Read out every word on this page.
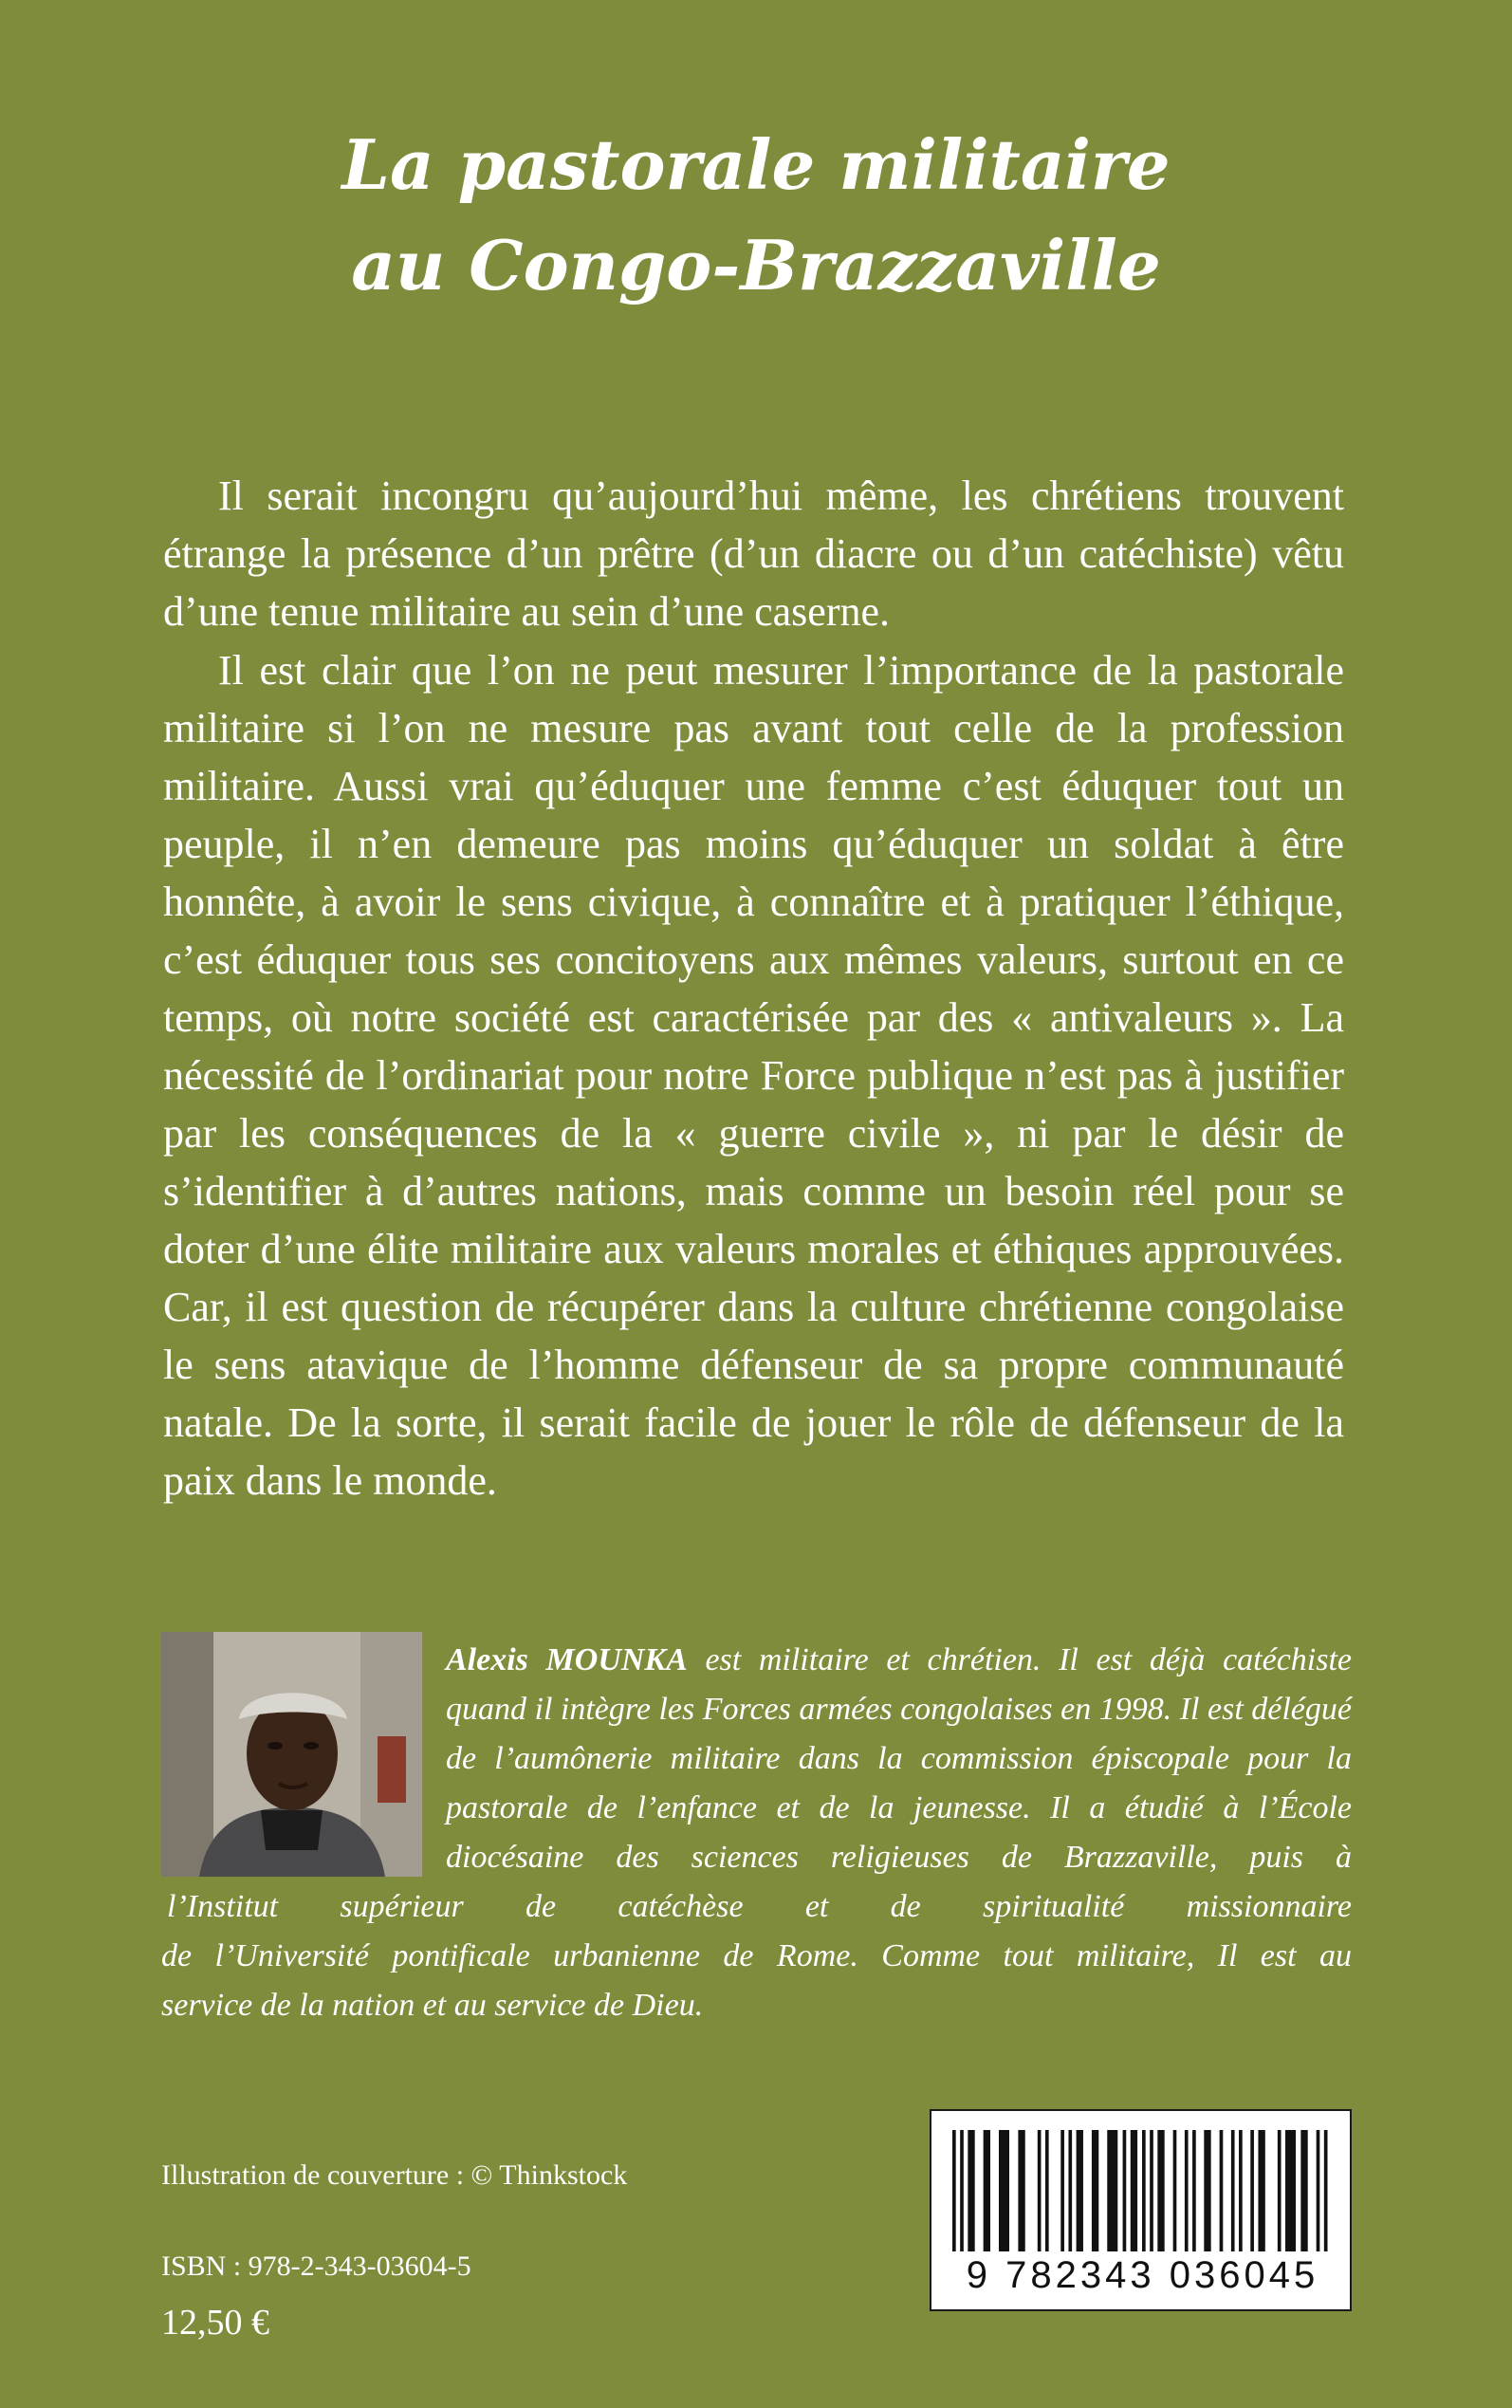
La pastorale militaire
au Congo-Brazzaville

Il serait incongru qu’aujourd’hui même, les chrétiens trouvent étrange la présence d’un prêtre (d’un diacre ou d’un catéchiste) vêtu d’une tenue militaire au sein d’une caserne.

Il est clair que l’on ne peut mesurer l’importance de la pastorale militaire si l’on ne mesure pas avant tout celle de la profession militaire. Aussi vrai qu’éduquer une femme c’est éduquer tout un peuple, il n’en demeure pas moins qu’éduquer un soldat à être honnête, à avoir le sens civique, à connaître et à pratiquer l’éthique, c’est éduquer tous ses concitoyens aux mêmes valeurs, surtout en ce temps, où notre société est caractérisée par des « antivaleurs ». La nécessité de l’ordinariat pour notre Force publique n’est pas à justifier par les conséquences de la « guerre civile », ni par le désir de s’identifier à d’autres nations, mais comme un besoin réel pour se doter d’une élite militaire aux valeurs morales et éthiques approuvées. Car, il est question de récupérer dans la culture chrétienne congolaise le sens atavique de l’homme défenseur de sa propre communauté natale. De la sorte, il serait facile de jouer le rôle de défenseur de la paix dans le monde.

Alexis MOUNKA est militaire et chrétien. Il est déjà catéchiste quand il intègre les Forces armées congolaises en 1998. Il est délégué de l’aumônerie militaire dans la commission épiscopale pour la pastorale de l’enfance et de la jeunesse. Il a étudié à l’École diocésaine des sciences religieuses de Brazzaville, puis à

l’Institut supérieur de catéchèse et de spiritualité missionnaire
de l’Université pontificale urbanienne de Rome. Comme tout militaire, Il est au
service de la nation et au service de Dieu.

Illustration de couverture : © Thinkstock

ISBN : 978-2-343-03604-5

12,50 €

9 782343 036045
